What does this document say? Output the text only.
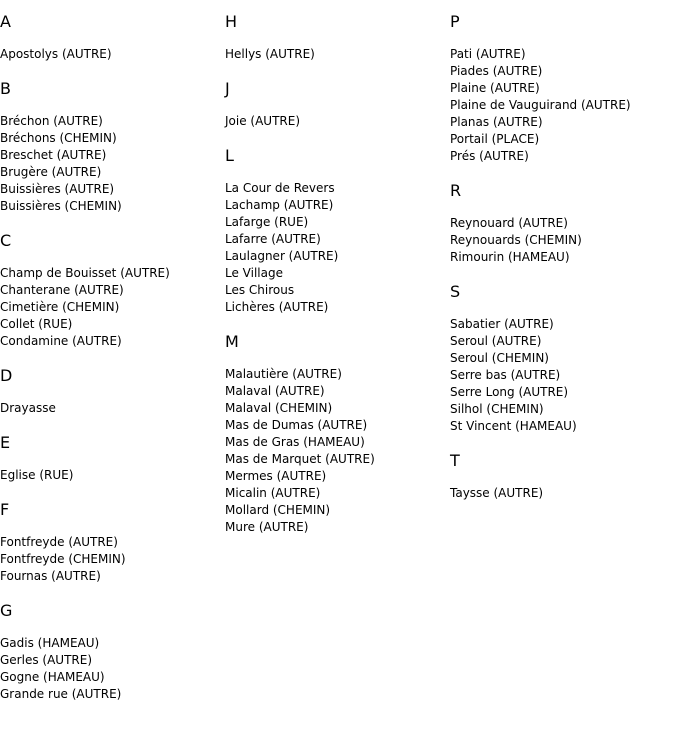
A
Apostolys (AUTRE)
B
Bréchon (AUTRE)
Bréchons (CHEMIN)
Breschet (AUTRE)
Brugère (AUTRE)
Buissières (AUTRE)
Buissières (CHEMIN)
C
Champ de Bouisset (AUTRE)
Chanterane (AUTRE)
Cimetière (CHEMIN)
Collet (RUE)
Condamine (AUTRE)
D
Drayasse
E
Eglise (RUE)
F
Fontfreyde (AUTRE)
Fontfreyde (CHEMIN)
Fournas (AUTRE)
G
Gadis (HAMEAU)
Gerles (AUTRE)
Gogne (HAMEAU)
Grande rue (AUTRE)
H
Hellys (AUTRE)
J
Joie (AUTRE)
L
La Cour de Revers
Lachamp (AUTRE)
Lafarge (RUE)
Lafarre (AUTRE)
Laulagner (AUTRE)
Le Village
Les Chirous
Lichères (AUTRE)
M
Malautière (AUTRE)
Malaval (AUTRE)
Malaval (CHEMIN)
Mas de Dumas (AUTRE)
Mas de Gras (HAMEAU)
Mas de Marquet (AUTRE)
Mermes (AUTRE)
Micalin (AUTRE)
Mollard (CHEMIN)
Mure (AUTRE)
P
Pati (AUTRE)
Piades (AUTRE)
Plaine (AUTRE)
Plaine de Vauguirand (AUTRE)
Planas (AUTRE)
Portail (PLACE)
Prés (AUTRE)
R
Reynouard (AUTRE)
Reynouards (CHEMIN)
Rimourin (HAMEAU)
S
Sabatier (AUTRE)
Seroul (AUTRE)
Seroul (CHEMIN)
Serre bas (AUTRE)
Serre Long (AUTRE)
Silhol (CHEMIN)
St Vincent (HAMEAU)
T
Taysse (AUTRE)
